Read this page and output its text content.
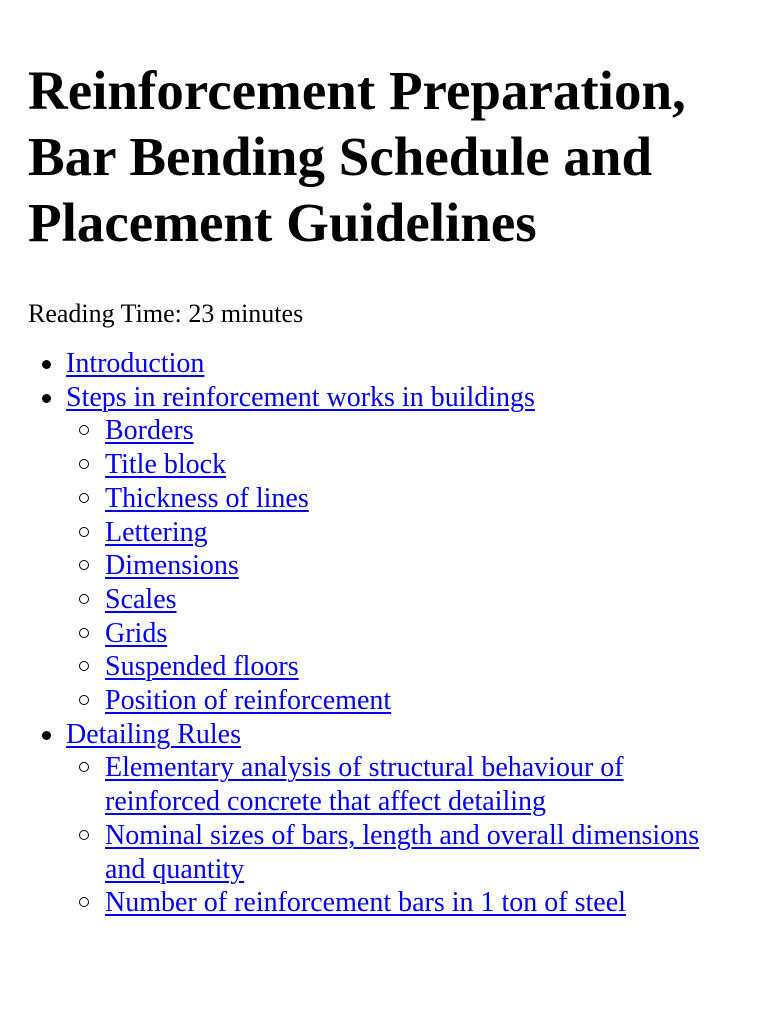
Reinforcement Preparation, Bar Bending Schedule and Placement Guidelines

Reading Time: 23 minutes

Introduction
Steps in reinforcement works in buildings
Borders
Title block
Thickness of lines
Lettering
Dimensions
Scales
Grids
Suspended floors
Position of reinforcement
Detailing Rules
Elementary analysis of structural behaviour of reinforced concrete that affect detailing
Nominal sizes of bars, length and overall dimensions and quantity
Number of reinforcement bars in 1 ton of steel
